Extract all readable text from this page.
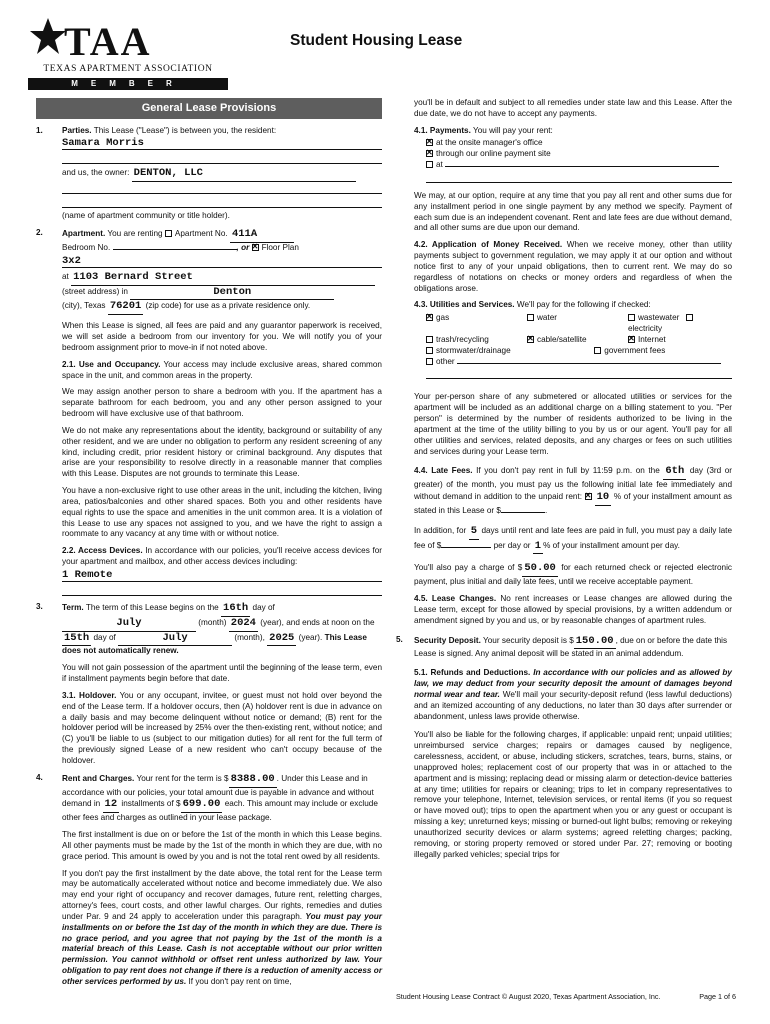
TAA
TEXAS APARTMENT ASSOCIATION
MEMBER
Student Housing Lease
General Lease Provisions
1. Parties. This Lease ("Lease") is between you, the resident:
Samara Morris
and us, the owner: DENTON, LLC
(name of apartment community or title holder).
2. Apartment. You are renting Apartment No. 411A
Bedroom No.	, or ✕ Floor Plan
3x2
at 1103 Bernard Street
(street address) in	Denton
(city), Texas 76201 (zip code) for use as a private residence only.

When this Lease is signed, all fees are paid and any guarantor paperwork is received, we will set aside a bedroom from our inventory for you. We will notify you of your bedroom assignment prior to move-in if not noted above.

2.1. Use and Occupancy. Your access may include exclusive areas, shared common space in the unit, and common areas in the property.

We may assign another person to share a bedroom with you. If the apartment has a separate bathroom for each bedroom, you and any other person assigned to your bedroom will have exclusive use of that bathroom.

We do not make any representations about the identity, background or suitability of any other resident, and we are under no obligation to perform any resident screening of any kind, including credit, prior resident history or criminal background. Any disputes that arise are your responsibility to resolve directly in a reasonable manner that complies with this Lease. Disputes are not grounds to terminate this Lease.

You have a non-exclusive right to use other areas in the unit, including the kitchen, living area, patios/balconies and other shared spaces. Both you and other residents have equal rights to use the space and amenities in the unit common area. It is a violation of this Lease to use any spaces not assigned to you, and we have the right to assign a roommate to any vacancy at any time with or without notice.

2.2. Access Devices. In accordance with our policies, you'll receive access devices for your apartment and mailbox, and other access devices including:

1 Remote
3. Term. The term of this Lease begins on the 16th day of
July	(month) 2024 (year), and ends at noon on the 15th day of	July	(month), 2025 (year). This Lease does not automatically renew.

You will not gain possession of the apartment until the beginning of the lease term, even if installment payments begin before that date.

3.1. Holdover. You or any occupant, invitee, or guest must not hold over beyond the end of the Lease term. If a holdover occurs, then (A) holdover rent is due in advance on a daily basis and may become delinquent without notice or demand; (B) rent for the holdover period will be increased by 25% over the then-existing rent, without notice; and (C) you'll be liable to us (subject to our mitigation duties) for all rent for the full term of the previously signed Lease of a new resident who can't occupy because of the holdover.

4. Rent and Charges. Your rent for the term is $ 8388.00 . Under this Lease and in accordance with our policies, your total amount due is payable in advance and without demand in 12 installments of $ 699.00 each. This amount may include or exclude other fees and charges as outlined in your lease package.

The first installment is due on or before the 1st of the month in which this Lease begins. All other payments must be made by the 1st of the month in which they are due, with no grace period. This amount is owed by you and is not the total rent owed by all residents.

If you don't pay the first installment by the date above, the total rent for the Lease term may be automatically accelerated without notice and become immediately due. We also may end your right of occupancy and recover damages, future rent, reletting charges, attorney's fees, court costs, and other lawful charges. Our rights, remedies and duties under Par. 9 and 24 apply to acceleration under this paragraph. You must pay your installments on or before the 1st day of the month in which they are due. There is no grace period, and you agree that not paying by the 1st of the month is a material breach of this Lease. Cash is not acceptable without our prior written permission. You cannot withhold or offset rent unless authorized by law. Your obligation to pay rent does not change if there is a reduction of amenity access or other services performed by us. If you don't pay rent on time,

you'll be in default and subject to all remedies under state law and this Lease. After the due date, we do not have to accept any payments.

4.1. Payments. You will pay your rent:

✕at the onsite manager's office
✕through our online payment site
at

We may, at our option, require at any time that you pay all rent and other sums due for any installment period in one single payment by any method we specify. Payment of each sum due is an independent covenant. Rent and late fees are due without demand, and all other sums are due upon our demand.

4.2. Application of Money Received. When we receive money, other than utility payments subject to government regulation, we may apply it at our option and without notice first to any of your unpaid obligations, then to current rent. We may do so regardless of notations on checks or money orders and regardless of when the obligations arose.

4.3. Utilities and Services. We'll pay for the following if checked:

✕gas	water	wastewater electricity
trash/recycling ✕	cable/satellite ✕	Internet
stormwater/drainage	government fees
other

Your per-person share of any submetered or allocated utilities or services for the apartment will be included as an additional charge on a billing statement to you. "Per person" is determined by the number of residents authorized to be living in the apartment at the time of the utility billing to you by us or our agent. You'll pay for all other utilities and services, related deposits, and any charges or fees on such utilities and services during your Lease term.

4.4. Late Fees. If you don't pay rent in full by 11:59 p.m. on the 6th day (3rd or greater) of the month, you must pay us the following initial late fee immediately and without demand in addition to the unpaid rent: ✕ 10 % of your installment amount as stated in this Lease or $	.

In addition, for 5 days until rent and late fees are paid in full, you must pay a daily late fee of $	per day or 1 % of your installment amount per day.

You'll also pay a charge of $ 50.00 for each returned check or rejected electronic payment, plus initial and daily late fees, until we receive acceptable payment.

4.5. Lease Changes. No rent increases or Lease changes are allowed during the Lease term, except for those allowed by special provisions, by a written addendum or amendment signed by you and us, or by reasonable changes of apartment rules.

5. Security Deposit. Your security deposit is $ 150.00 , due on or before the date this Lease is signed. Any animal deposit will be stated in an animal addendum.

5.1. Refunds and Deductions. In accordance with our policies and as allowed by law, we may deduct from your security deposit the amount of damages beyond normal wear and tear. We'll mail your security-deposit refund (less lawful deductions) and an itemized accounting of any deductions, no later than 30 days after surrender or abandonment, unless laws provide otherwise.

You'll also be liable for the following charges, if applicable: unpaid rent; unpaid utilities; unreimbursed service charges; repairs or damages caused by negligence, carelessness, accident, or abuse, including stickers, scratches, tears, burns, stains, or unapproved holes; replacement cost of our property that was in or attached to the apartment and is missing; replacing dead or missing alarm or detection-device batteries at any time; utilities for repairs or cleaning; trips to let in company representatives to remove your telephone, Internet, television services, or rental items (if you so request or have moved out); trips to open the apartment when you or any guest or occupant is missing a key; unreturned keys; missing or burned-out light bulbs; removing or rekeying unauthorized security devices or alarm systems; agreed reletting charges; packing, removing, or storing property removed or stored under Par. 27; removing or booting illegally parked vehicles; special trips for

Student Housing Lease Contract © August 2020, Texas Apartment Association, Inc.	Page 1 of 6
